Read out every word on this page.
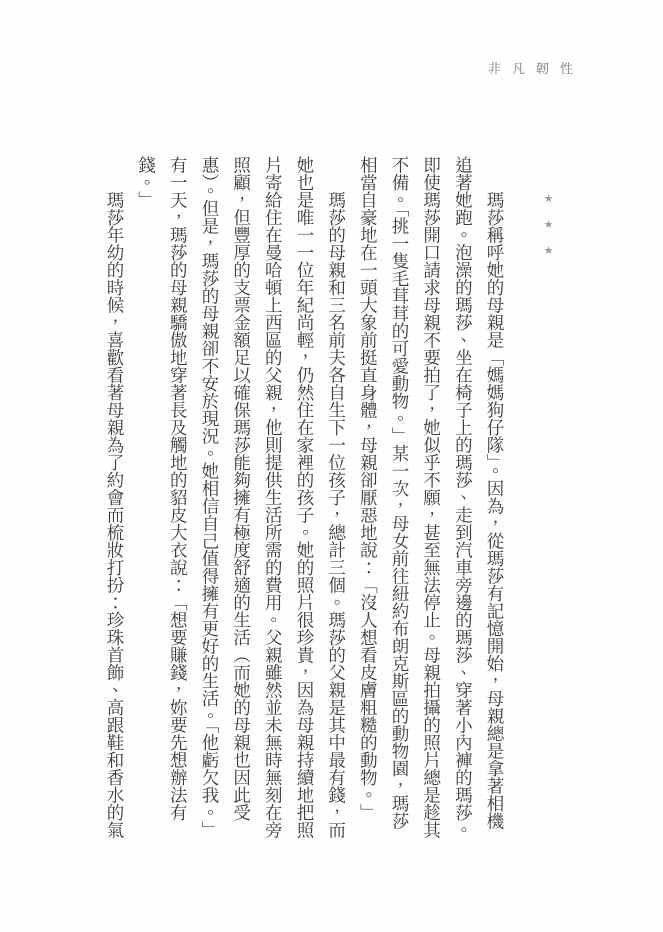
非凡韌性
★★★

瑪莎稱呼她的母親是「媽媽狗仔隊」。因為，從瑪莎有記憶開始，母親總是拿著相機追著她跑。泡澡的瑪莎、坐在椅子上的瑪莎、走到汽車旁邊的瑪莎、穿著小內褲的瑪莎。即使瑪莎開口請求母親不要拍了，她似乎不願，甚至無法停止。母親拍攝的照片總是趁其不備。「挑一隻毛茸茸的可愛動物。」某一次，母女前往紐約布朗克斯區的動物園，瑪莎相當自豪地在一頭大象前挺直身體，母親卻厭惡地說：「沒人想看皮膚粗糙的動物。」

瑪莎的母親和三名前夫各自生下一位孩子，總計三個。瑪莎的父親是其中最有錢，而她也是唯一一位年紀尚輕，仍然住在家裡的孩子。她的照片很珍貴，因為母親持續地把照片寄給住在曼哈頓上西區的父親，他則提供生活所需的費用。父親雖然並未無時無刻在旁照顧，但豐厚的支票金額足以確保瑪莎能夠擁有極度舒適的生活（而她的母親也因此受惠）。但是，瑪莎的母親卻不安於現況。她相信自己值得擁有更好的生活。「他虧欠我。」有一天，瑪莎的母親驕傲地穿著長及觸地的貂皮大衣說：「想要賺錢，妳要先想辦法有錢。」

瑪莎年幼的時候，喜歡看著母親為了約會而梳妝打扮：珍珠首飾、高跟鞋和香水的氣
